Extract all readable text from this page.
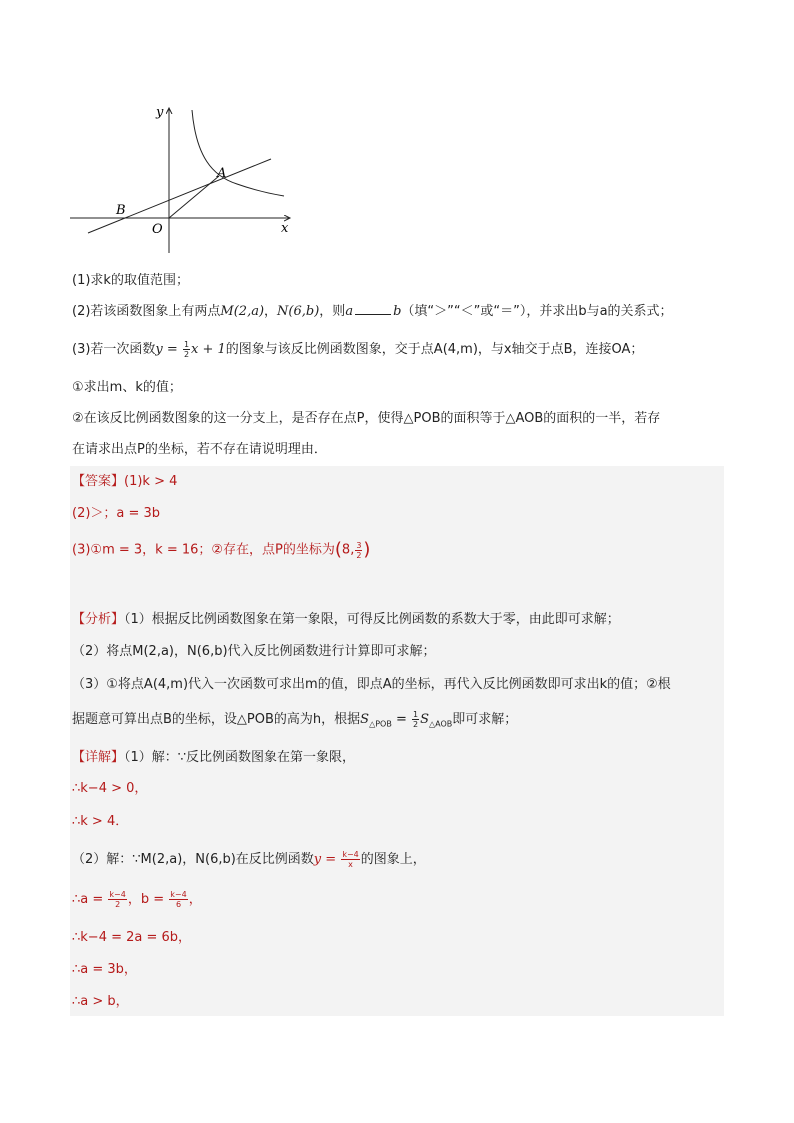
y
x
O
A
B
(1)求k的取值范围；
(2)若该函数图象上有两点M(2,a)，N(6,b)，则a	b（填“＞”“＜”或“＝”），并求出b与a的关系式；
(3)若一次函数$y = \frac{1}{2}$ x + 1的图象与该反比例函数图象，交于点A(4,m)，与x轴交于点B，连接OA；
①求出m、k的值；
②在该反比例函数图象的这一分支上，是否存在点P，使得△POB的面积等于△AOB的面积的一半，若存
在请求出点P的坐标，若不存在请说明理由．
【答案】(1)k > 4
(2)＞；a = 3b
(3)①m = 3，k = 16；②存在，点P的坐标为(8, $\frac{3}{2}$ )
【分析】（1）根据反比例函数图象在第一象限，可得反比例函数的系数大于零，由此即可求解；
（2）将点M(2,a)，N(6,b)代入反比例函数进行计算即可求解；
（3）①将点A(4,m)代入一次函数可求出m的值，即点A的坐标，再代入反比例函数即可求出k的值；②根
据题意可算出点B的坐标，设△POB的高为h，根据$S_{\triangle POB} = \frac{1}{2} S_{\triangle AOB}$即可求解；
【详解】（1）解：∵反比例函数图象在第一象限，
∴k−4 > 0，
∴k > 4．
（2）解：∵M(2,a)，N(6,b)在反比例函数$y = \frac{k-4}{x}$ 的图象上，
∴a = $\frac{k-4}{2}$ ，$b = \frac{k-4}{6}$ ，
∴k−4 = 2a = 6b，
∴a = 3b，
∴a > b，
